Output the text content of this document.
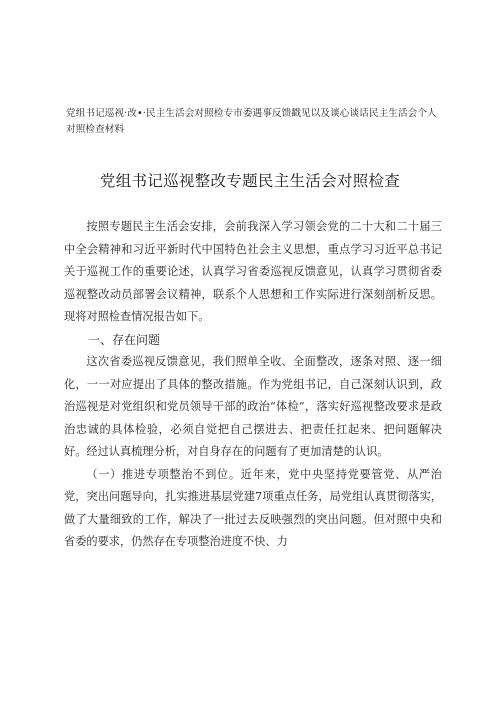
党组书记巡视·改•·民主生活会对照检专市委遇事反馈戳见以及谈心谈话民主生活会个人对照检查材料
党组书记巡视整改专题民主生活会对照检查

按照专题民主生活会安排，会前我深入学习领会党的二十大和二十届三中全会精神和习近平新时代中国特色社会主义思想，重点学习习近平总书记关于巡视工作的重要论述，认真学习省委巡视反馈意见，认真学习贯彻省委巡视整改动员部署会议精神，联系个人思想和工作实际进行深刻剖析反思。现将对照检查情况报告如下。

一、存在问题

这次省委巡视反馈意见，我们照单全收、全面整改，逐条对照、逐一细化，一一对应提出了具体的整改措施。作为党组书记，自己深刻认识到，政治巡视是对党组织和党员领导干部的政治“体检”，落实好巡视整改要求是政治忠诚的具体检验，必须自觉把自己摆进去、把责任扛起来、把问题解决好。经过认真梳理分析，对自身存在的问题有了更加清楚的认识。

（一）推进专项整治不到位。近年来，党中央坚持党要管党、从严治党，突出问题导向，扎实推进基层党建7项重点任务，局党组认真贯彻落实，做了大量细致的工作，解决了一批过去反映强烈的突出问题。但对照中央和省委的要求，仍然存在专项整治进度不快、力
